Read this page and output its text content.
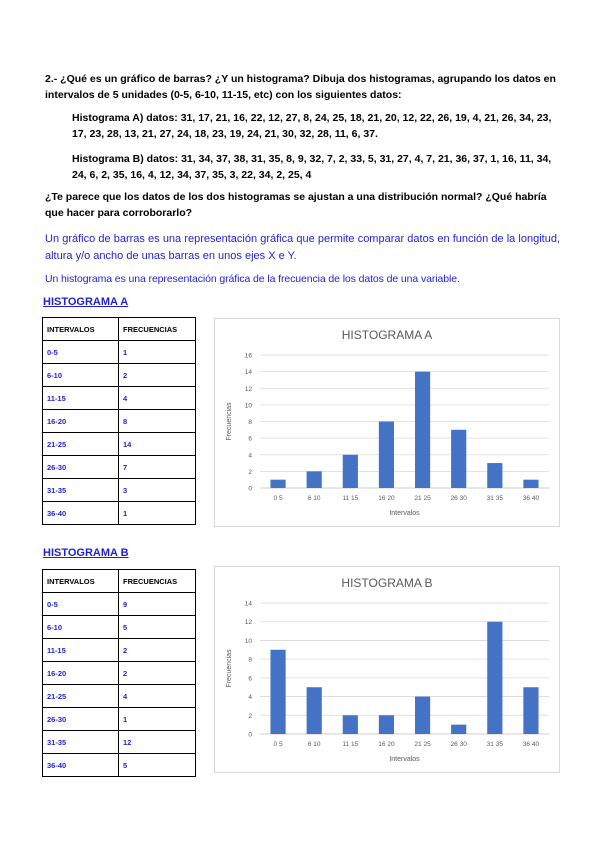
2.- ¿Qué es un gráfico de barras? ¿Y un histograma? Dibuja dos histogramas, agrupando los datos en intervalos de 5 unidades (0-5, 6-10, 11-15, etc) con los siguientes datos:
Histograma A) datos: 31, 17, 21, 16, 22, 12, 27, 8, 24, 25, 18, 21, 20, 12, 22, 26, 19, 4, 21, 26, 34, 23, 17, 23, 28, 13, 21, 27, 24, 18, 23, 19, 24, 21, 30, 32, 28, 11, 6, 37.
Histograma B) datos: 31, 34, 37, 38, 31, 35, 8, 9, 32, 7, 2, 33, 5, 31, 27, 4, 7, 21, 36, 37, 1, 16, 11, 34, 24, 6, 2, 35, 16, 4, 12, 34, 37, 35, 3, 22, 34, 2, 25, 4
¿Te parece que los datos de los dos histogramas se ajustan a una distribución normal? ¿Qué habría que hacer para corroborarlo?
Un gráfico de barras es una representación gráfica que permite comparar datos en función de la longitud, altura y/o ancho de unas barras en unos ejes X e Y.
Un histograma es una representación gráfica de la frecuencia de los datos de una variable.
HISTOGRAMA A
INTERVALOS	FRECUENCIAS
0-5	1
6-10	2
11-15	4
16-20	8
21-25	14
26-30	7
31-35	3
36-40	1
HISTOGRAMA A
0
2
4
6
8
10
12
14
16
0 5	6 10	11 15	16 20	21 25	26 30	31 35	36 40
Intervalos
Frecuencias
HISTOGRAMA B
INTERVALOS	FRECUENCIAS
0-5	9
6-10	5
11-15	2
16-20	2
21-25	4
26-30	1
31-35	12
36-40	5
HISTOGRAMA B
0
2
4
6
8
10
12
14
0 5	6 10	11 15	16 20	21 25	26 30	31 35	36 40
Intervalos
Frecuencias
